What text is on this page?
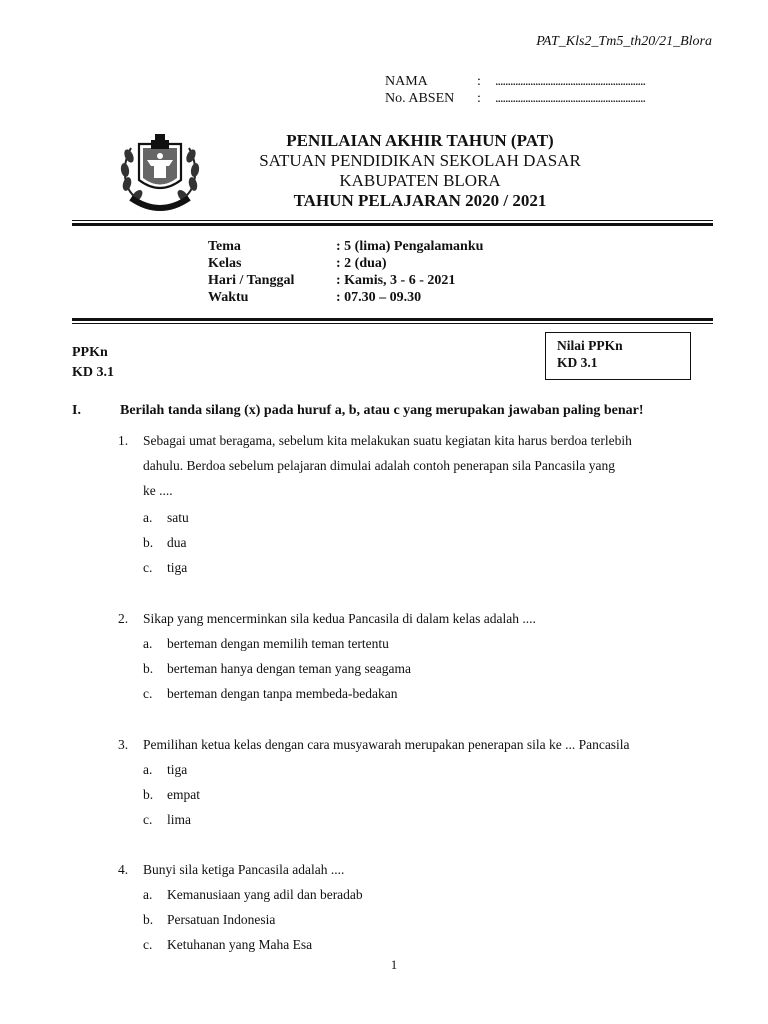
PAT_Kls2_Tm5_th20/21_Blora
NAMA	: ............................................................
No. ABSEN : ............................................................
PENILAIAN AKHIR TAHUN (PAT)
SATUAN PENDIDIKAN SEKOLAH DASAR
KABUPATEN BLORA
TAHUN PELAJARAN 2020 / 2021
Tema	: 5 (lima) Pengalamanku
Kelas	: 2 (dua)
Hari / Tanggal	: Kamis, 3 - 6 - 2021
Waktu	: 07.30 – 09.30
PPKn
KD 3.1
Nilai PPKn
KD 3.1
I.	Berilah tanda silang (x) pada huruf a, b, atau c yang merupakan jawaban paling benar!
1. Sebagai umat beragama, sebelum kita melakukan suatu kegiatan kita harus berdoa terlebih
dahulu. Berdoa sebelum pelajaran dimulai adalah contoh penerapan sila Pancasila yang
ke ....
a. satu
b. dua
c. tiga
2. Sikap yang mencerminkan sila kedua Pancasila di dalam kelas adalah ....
a. berteman dengan memilih teman tertentu
b. berteman hanya dengan teman yang seagama
c. berteman dengan tanpa membeda-bedakan
3. Pemilihan ketua kelas dengan cara musyawarah merupakan penerapan sila ke ... Pancasila
a. tiga
b. empat
c. lima
4. Bunyi sila ketiga Pancasila adalah ....
a. Kemanusiaan yang adil dan beradab
b. Persatuan Indonesia
c. Ketuhanan yang Maha Esa
1
